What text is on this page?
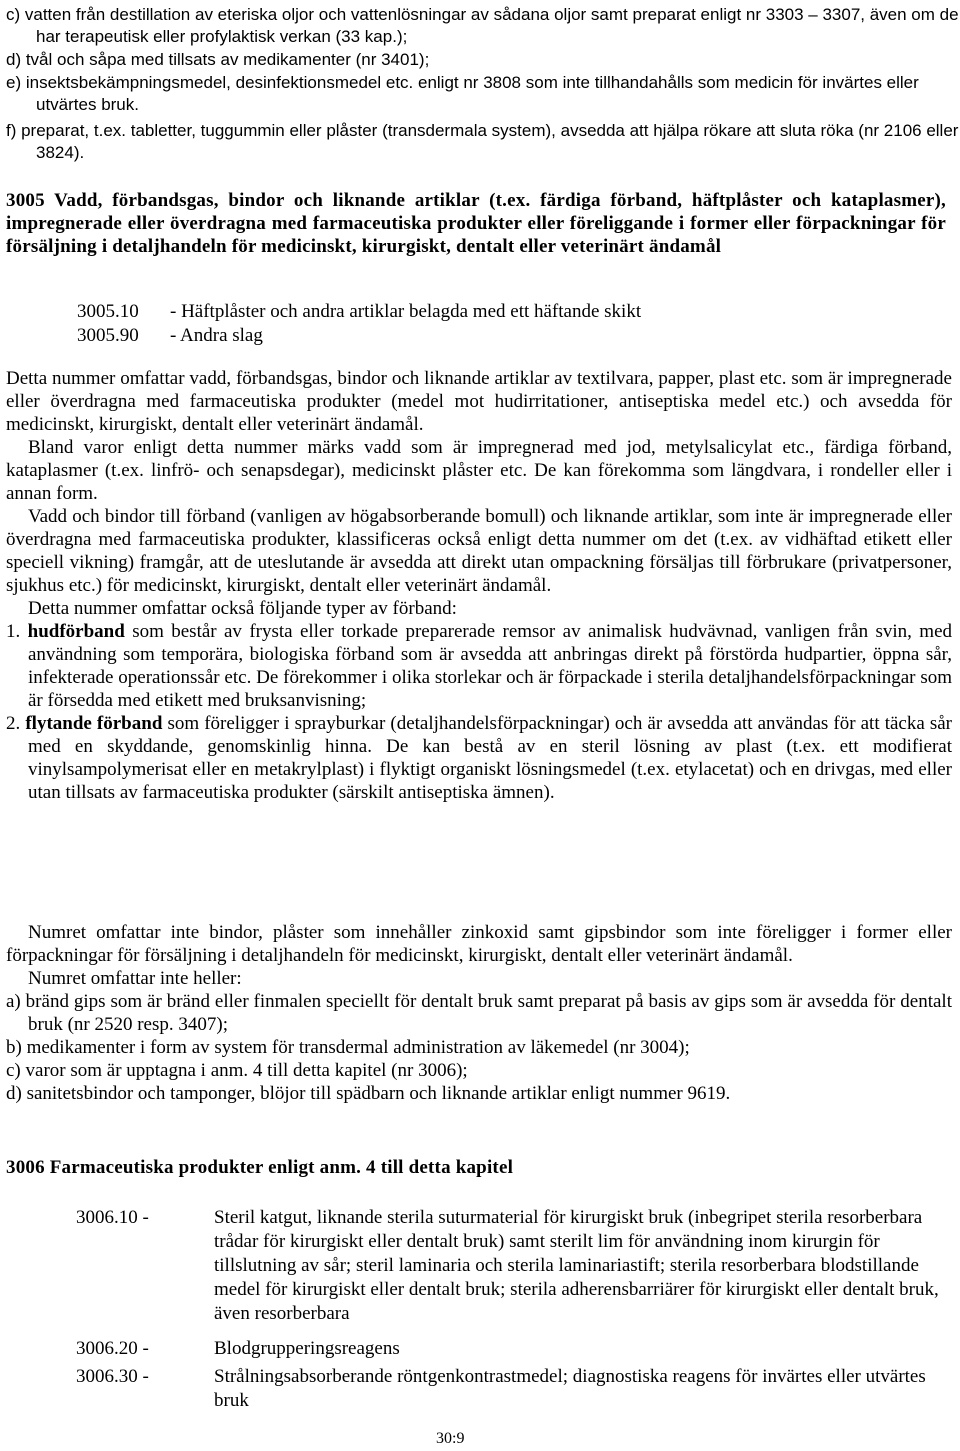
c) vatten från destillation av eteriska oljor och vattenlösningar av sådana oljor samt preparat enligt nr 3303 – 3307, även om de har terapeutisk eller profylaktisk verkan (33 kap.);
d) tvål och såpa med tillsats av medikamenter (nr 3401);
e) insektsbekämpningsmedel, desinfektionsmedel etc. enligt nr 3808 som inte tillhandahålls som medicin för invärtes eller utvärtes bruk.
f) preparat, t.ex. tabletter, tuggummin eller plåster (transdermala system), avsedda att hjälpa rökare att sluta röka (nr 2106 eller 3824).
3005 Vadd, förbandsgas, bindor och liknande artiklar (t.ex. färdiga förband, häftplåster och kataplasmer), impregnerade eller överdragna med farmaceutiska produkter eller föreliggande i former eller förpackningar för försäljning i detaljhandeln för medicinskt, kirurgiskt, dentalt eller veterinärt ändamål
3005.10 - Häftplåster och andra artiklar belagda med ett häftande skikt
3005.90 - Andra slag

Detta nummer omfattar vadd, förbandsgas, bindor och liknande artiklar av textilvara, papper, plast etc. som är impregnerade eller överdragna med farmaceutiska produkter (medel mot hudirritationer, antiseptiska medel etc.) och avsedda för medicinskt, kirurgiskt, dentalt eller veterinärt ändamål.

Bland varor enligt detta nummer märks vadd som är impregnerad med jod, metylsalicylat etc., färdiga förband, kataplasmer (t.ex. linfrö- och senapsdegar), medicinskt plåster etc. De kan förekomma som längdvara, i rondeller eller i annan form.

Vadd och bindor till förband (vanligen av högabsorberande bomull) och liknande artiklar, som inte är impregnerade eller överdragna med farmaceutiska produkter, klassificeras också enligt detta nummer om det (t.ex. av vidhäftad etikett eller speciell vikning) framgår, att de uteslutande är avsedda att direkt utan ompackning försäljas till förbrukare (privatpersoner, sjukhus etc.) för medicinskt, kirurgiskt, dentalt eller veterinärt ändamål.

Detta nummer omfattar också följande typer av förband:

1. hudförband som består av frysta eller torkade preparerade remsor av animalisk hudvävnad, vanligen från svin, med användning som temporära, biologiska förband som är avsedda att anbringas direkt på förstörda hudpartier, öppna sår, infekterade operationssår etc. De förekommer i olika storlekar och är förpackade i sterila detaljhandelsförpackningar som är försedda med etikett med bruksanvisning;

2. flytande förband som föreligger i sprayburkar (detaljhandelsförpackningar) och är avsedda att användas för att täcka sår med en skyddande, genomskinlig hinna. De kan bestå av en steril lösning av plast (t.ex. ett modifierat vinylsampolymerisat eller en metakrylplast) i flyktigt organiskt lösningsmedel (t.ex. etylacetat) och en drivgas, med eller utan tillsats av farmaceutiska produkter (särskilt antiseptiska ämnen).

Numret omfattar inte bindor, plåster som innehåller zinkoxid samt gipsbindor som inte föreligger i former eller förpackningar för försäljning i detaljhandeln för medicinskt, kirurgiskt, dentalt eller veterinärt ändamål.

Numret omfattar inte heller:

a) bränd gips som är bränd eller finmalen speciellt för dentalt bruk samt preparat på basis av gips som är avsedda för dentalt bruk (nr 2520 resp. 3407);

b) medikamenter i form av system för transdermal administration av läkemedel (nr 3004);

c) varor som är upptagna i anm. 4 till detta kapitel (nr 3006);

d) sanitetsbindor och tamponger, blöjor till spädbarn och liknande artiklar enligt nummer 9619.

3006 Farmaceutiska produkter enligt anm. 4 till detta kapitel
3006.10 -	Steril katgut, liknande sterila suturmaterial för kirurgiskt bruk (inbegripet sterila resorberbara trådar för kirurgiskt eller dentalt bruk) samt sterilt lim för användning inom kirurgin för tillslutning av sår; steril laminaria och sterila laminariastift; sterila resorberbara blodstillande medel för kirurgiskt eller dentalt bruk; sterila adherensbarriärer för kirurgiskt eller dentalt bruk, även resorberbara
3006.20 -	Blodgrupperingsreagens
3006.30 -	Strålningsabsorberande röntgenkontrastmedel; diagnostiska reagens för invärtes eller utvärtes bruk
30:9
